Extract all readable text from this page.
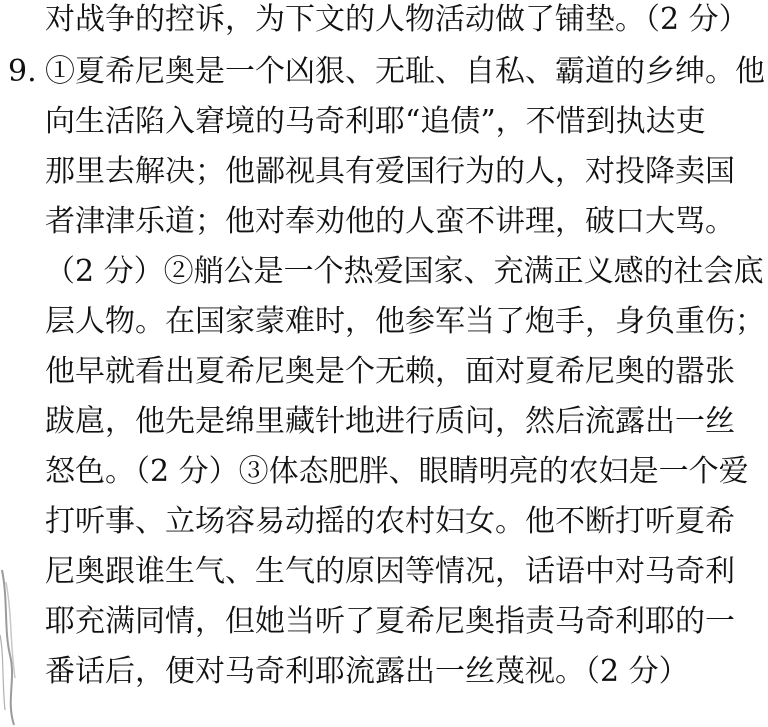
对战争的控诉，为下文的人物活动做了铺垫。（2 分）
9. ①夏希尼奥是一个凶狠、无耻、自私、霸道的乡绅。他
向生活陷入窘境的马奇利耶“追债”，不惜到执达吏
那里去解决；他鄙视具有爱国行为的人，对投降卖国
者津津乐道；他对奉劝他的人蛮不讲理，破口大骂。
（2 分）②艄公是一个热爱国家、充满正义感的社会底
层人物。在国家蒙难时，他参军当了炮手，身负重伤；
他早就看出夏希尼奥是个无赖，面对夏希尼奥的嚣张
跋扈，他先是绵里藏针地进行质问，然后流露出一丝
怒色。（2 分）③体态肥胖、眼睛明亮的农妇是一个爱
打听事、立场容易动摇的农村妇女。他不断打听夏希
尼奥跟谁生气、生气的原因等情况，话语中对马奇利
耶充满同情，但她当听了夏希尼奥指责马奇利耶的一
番话后，便对马奇利耶流露出一丝蔑视。（2 分）
